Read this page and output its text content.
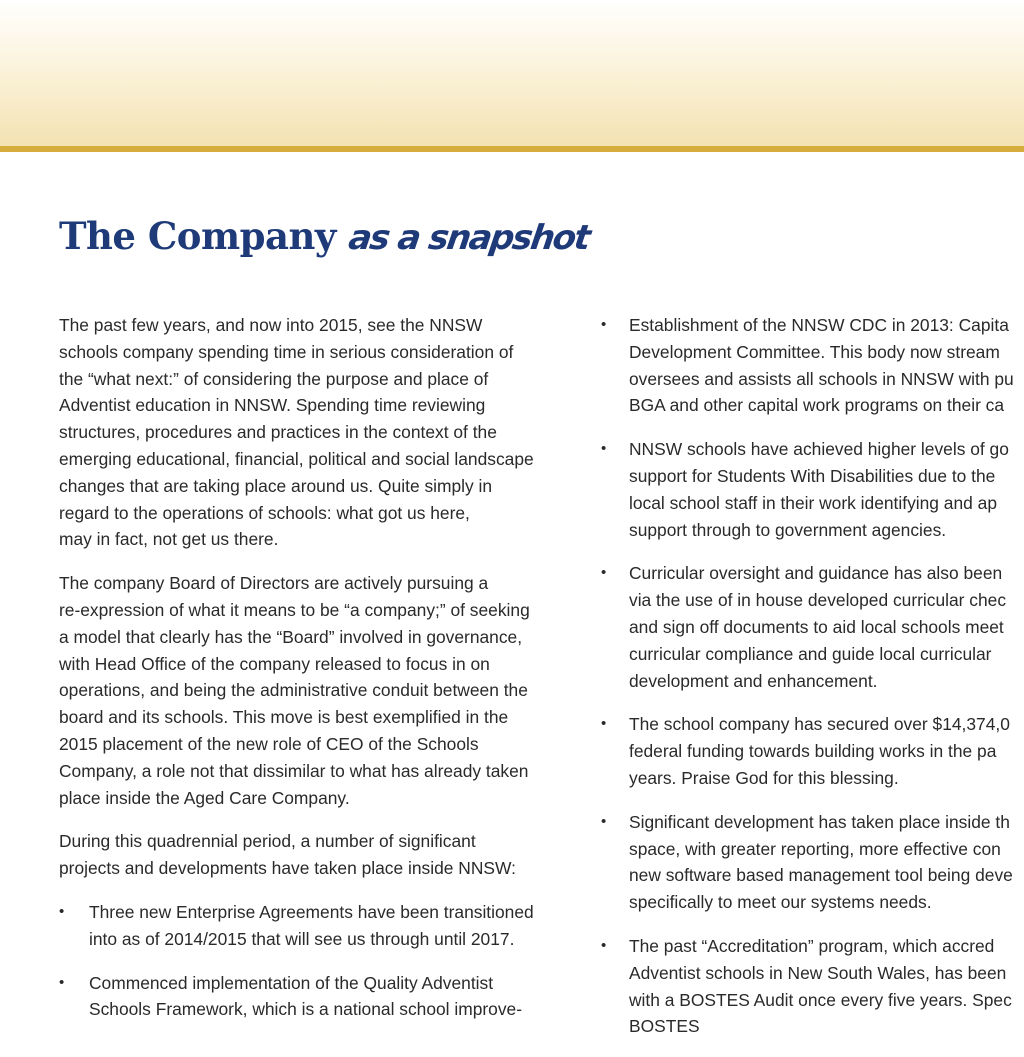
The Company as a snapshot
The past few years, and now into 2015, see the NNSW
schools company spending time in serious consideration of
the “what next:” of considering the purpose and place of
Adventist education in NNSW. Spending time reviewing
structures, procedures and practices in the context of the
emerging educational, financial, political and social landscape
changes that are taking place around us. Quite simply in
regard to the operations of schools: what got us here,
may in fact, not get us there.
The company Board of Directors are actively pursuing a
re-expression of what it means to be “a company;” of seeking
a model that clearly has the “Board” involved in governance,
with Head Office of the company released to focus in on
operations, and being the administrative conduit between the
board and its schools. This move is best exemplified in the
2015 placement of the new role of CEO of the Schools
Company, a role not that dissimilar to what has already taken
place inside the Aged Care Company.
During this quadrennial period, a number of significant
projects and developments have taken place inside NNSW:
• Three new Enterprise Agreements have been transitioned
into as of 2014/2015 that will see us through until 2017.
• Commenced implementation of the Quality Adventist
Schools Framework, which is a national school improve-
• Establishment of the NNSW CDC in 2013: Capita
Development Committee. This body now stream
oversees and assists all schools in NNSW with pu
BGA and other capital work programs on their ca
• NNSW schools have achieved higher levels of go
support for Students With Disabilities due to the
local school staff in their work identifying and ap
support through to government agencies.
• Curricular oversight and guidance has also been
via the use of in house developed curricular chec
and sign off documents to aid local schools meet
curricular compliance and guide local curricular
development and enhancement.
• The school company has secured over $14,374,0
federal funding towards building works in the pa
years. Praise God for this blessing.
• Significant development has taken place inside th
space, with greater reporting, more effective con
new software based management tool being deve
specifically to meet our systems needs.
• The past “Accreditation” program, which accred
Adventist schools in New South Wales, has been
with a BOSTES Audit once every five years. Spec
BOSTES
